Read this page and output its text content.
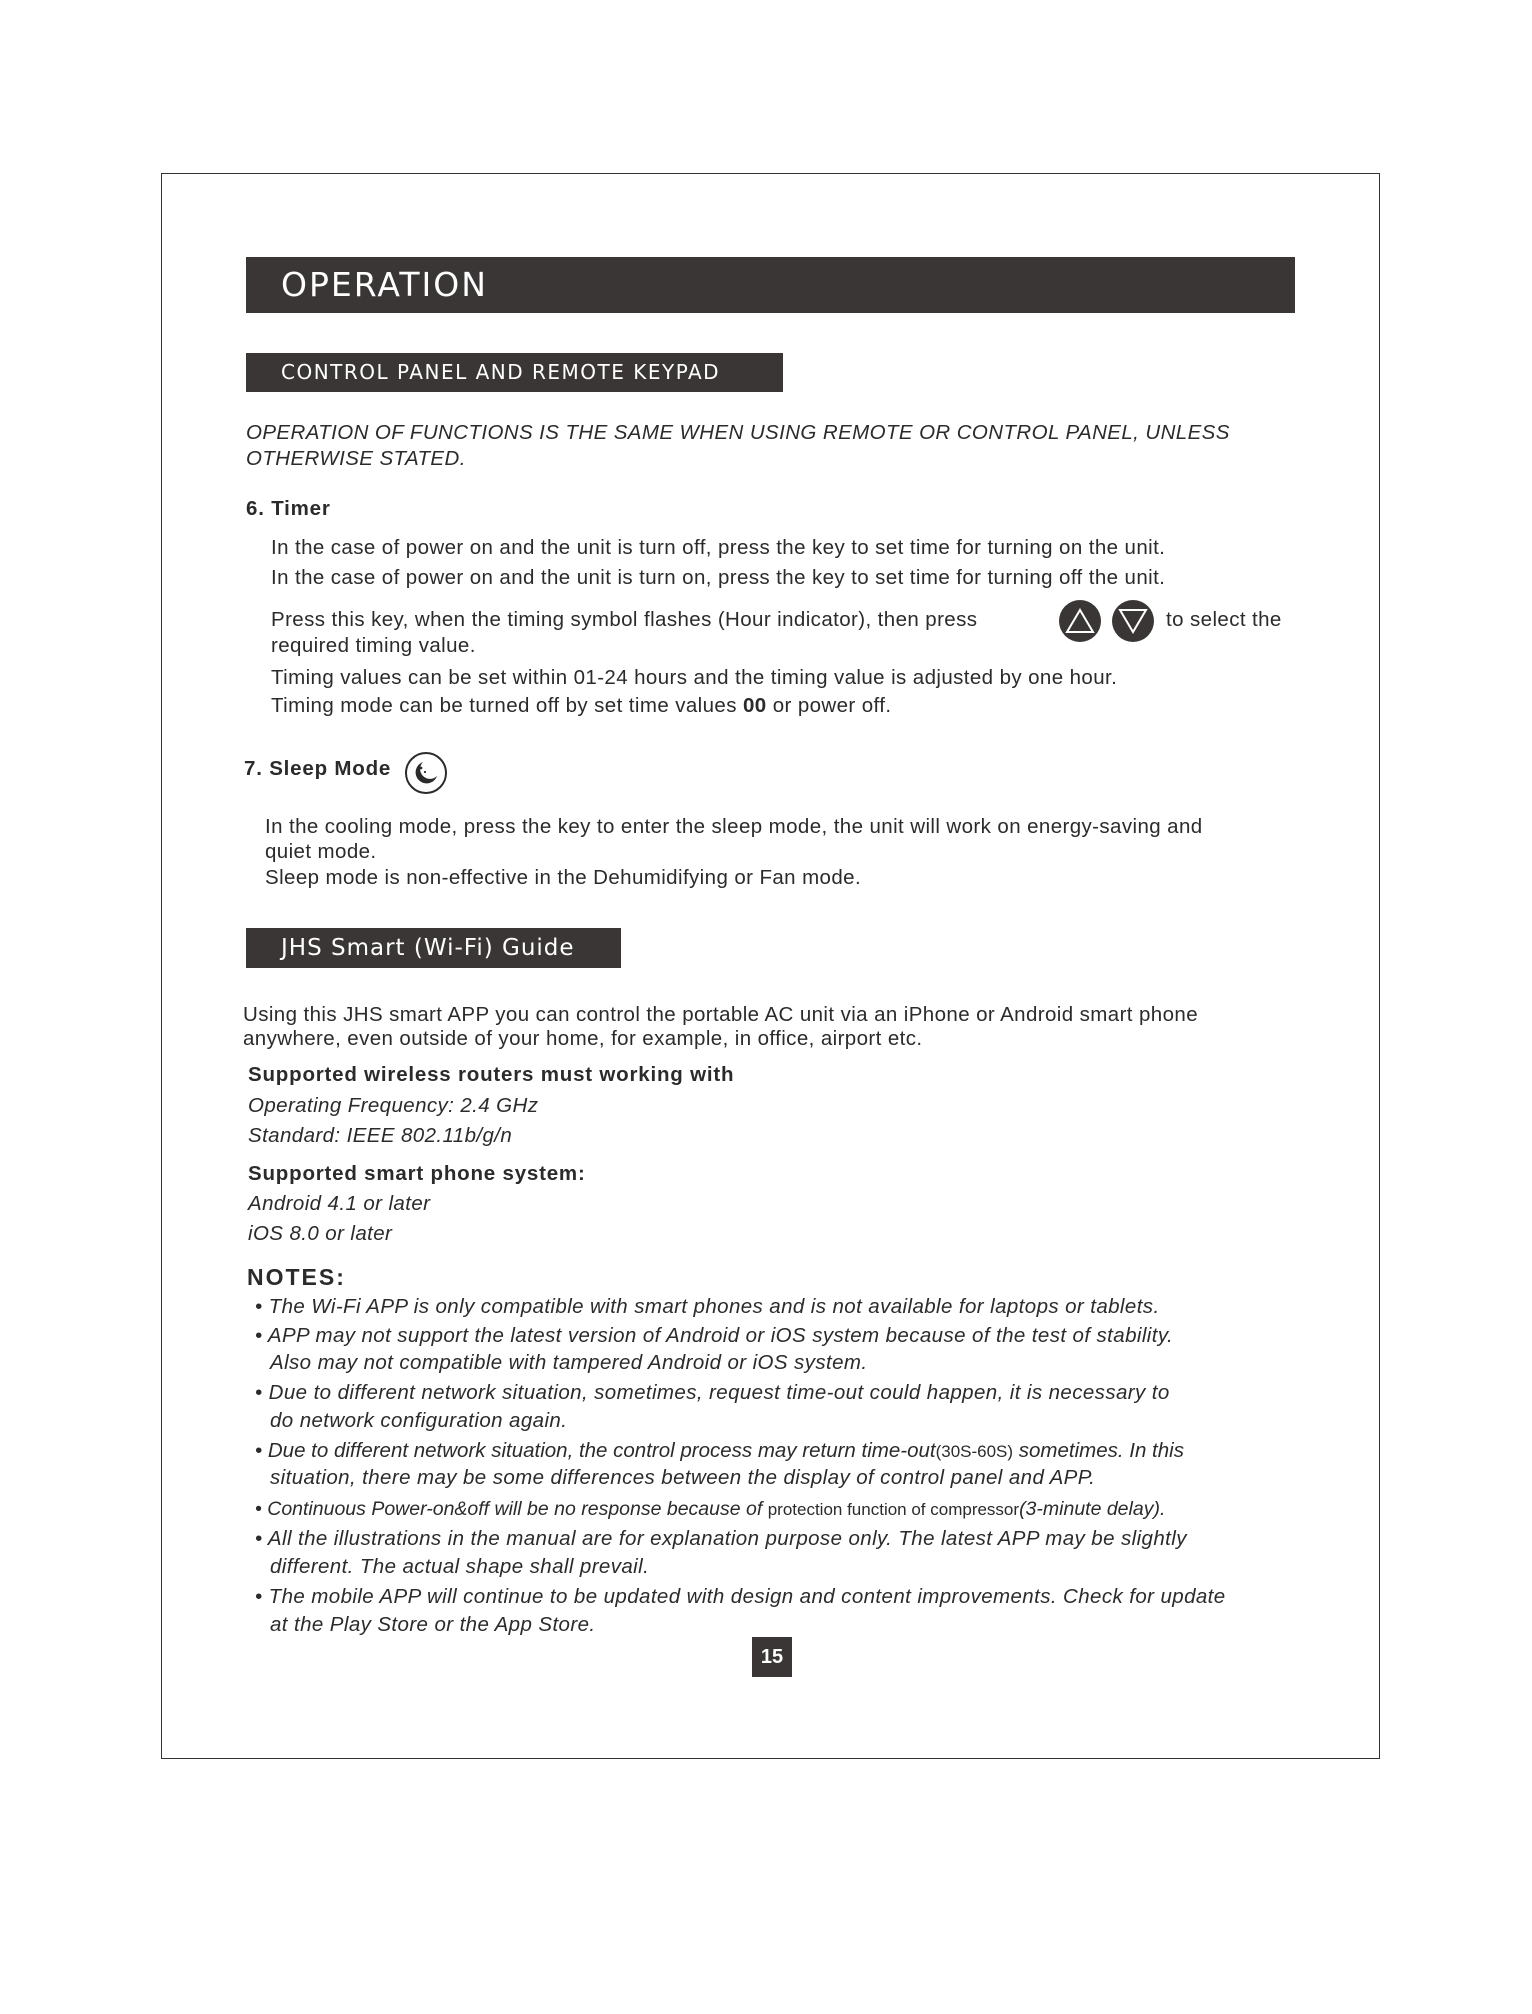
OPERATION
CONTROL PANEL AND REMOTE KEYPAD
OPERATION OF FUNCTIONS IS THE SAME WHEN USING REMOTE OR CONTROL PANEL, UNLESS
OTHERWISE STATED.
6. Timer
In the case of power on and the unit is turn off, press the key to set time for turning on the unit.
In the case of power on and the unit is turn on, press the key to set time for turning off the unit.
Press this key, when the timing symbol flashes (Hour indicator), then press	to select the
required timing value.
Timing values can be set within 01-24 hours and the timing value is adjusted by one hour.
Timing mode can be turned off by set time values 00 or power off.
7. Sleep Mode
In the cooling mode, press the key to enter the sleep mode, the unit will work on energy-saving and
quiet mode.
Sleep mode is non-effective in the Dehumidifying or Fan mode.
JHS Smart (Wi-Fi) Guide
Using this JHS smart APP you can control the portable AC unit via an iPhone or Android smart phone
anywhere, even outside of your home, for example, in office, airport etc.
Supported wireless routers must working with
Operating Frequency: 2.4 GHz
Standard: IEEE 802.11b/g/n
Supported smart phone system:
Android 4.1 or later
iOS 8.0 or later
NOTES:
• The Wi-Fi APP is only compatible with smart phones and is not available for laptops or tablets.
• APP may not support the latest version of Android or iOS system because of the test of stability.
Also may not compatible with tampered Android or iOS system.
• Due to different network situation, sometimes, request time-out could happen, it is necessary to
do network configuration again.
• Due to different network situation, the control process may return time-out(30S-60S) sometimes. In this
situation, there may be some differences between the display of control panel and APP.
• Continuous Power-on&off will be no response because of protection function of compressor(3-minute delay).
• All the illustrations in the manual are for explanation purpose only. The latest APP may be slightly
different. The actual shape shall prevail.
• The mobile APP will continue to be updated with design and content improvements. Check for update
at the Play Store or the App Store.
15
